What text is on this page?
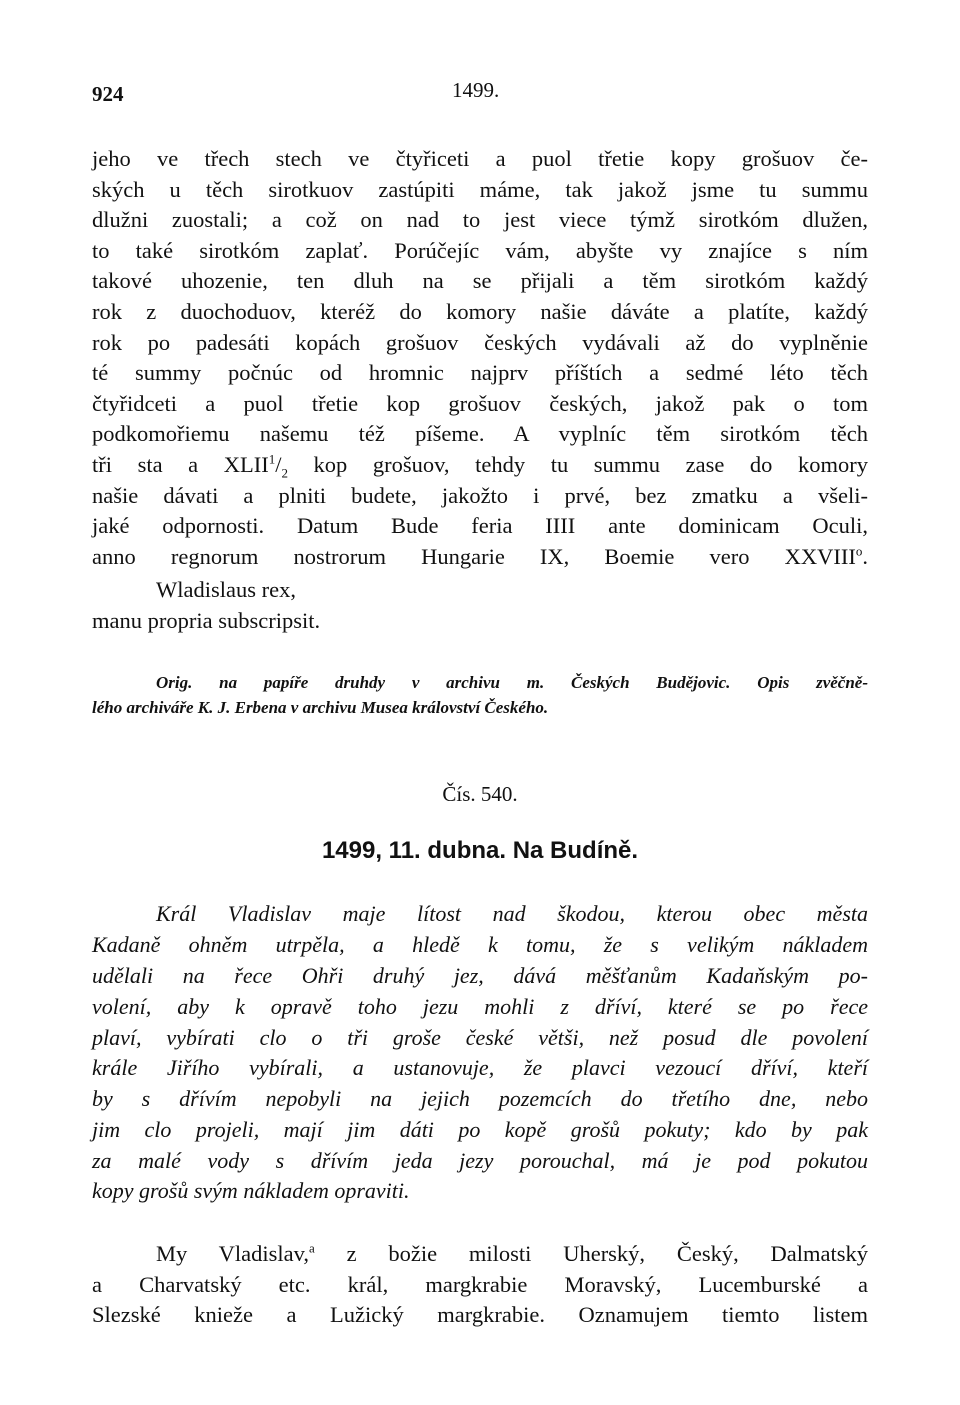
924	1499.
jeho ve třech stech ve čtyřiceti a puol třetie kopy grošuov če-
ských u těch sirotkuov zastúpiti máme, tak jakož jsme tu summu
dlužni zuostali; a což on nad to jest viece týmž sirotkóm dlužen,
to také sirotkóm zaplať. Porúčejíc vám, abyšte vy znajíce s ním
takové uhozenie, ten dluh na se přijali a těm sirotkóm každý
rok z duochoduov, kteréž do komory našie dáváte a platíte, každý
rok po padesáti kopách grošuov českých vydávali až do vyplněnie
té summy počnúc od hromnic najprv příštích a sedmé léto těch
čtyřidceti a puol třetie kop grošuov českých, jakož pak o tom
podkomořiemu našemu též píšeme. A vyplníc těm sirotkóm těch
tři sta a $XLII^1/_2$ kop grošuov, tehdy tu summu zase do komory
našie dávati a plniti budete, jakožto i prvé, bez zmatku a všeli-
jaké odpornosti. Datum Bude feria IIII ante dominicam Oculi,
anno regnorum nostrorum Hungarie IX, Boemie vero XXVIII$^o$.
Wladislaus rex,
manu propria subscripsit.
Orig. na papíře druhdy v archivu m. Českých Budějovic. Opis zvěčně-
lého archiváře K. J. Erbena v archivu Musea království Českého.
Čís. 540.
1499, 11. dubna. Na Budíně.
Král Vladislav maje lítost nad škodou, kterou obec města
Kadaně ohněm utrpěla, a hledě k tomu, že s velikým nákladem
udělali na řece Ohři druhý jez, dává měšťanům Kadaňským po-
volení, aby k opravě toho jezu mohli z dříví, které se po řece
plaví, vybírati clo o tři groše české větši, než posud dle povolení
krále Jiřího vybírali, a ustanovuje, že plavci vezoucí dříví, kteří
by s dřívím nepobyli na jejich pozemcích do třetího dne, nebo
jim clo projeli, mají jim dáti po kopě grošů pokuty; kdo by pak
za malé vody s dřívím jeda jezy porouchal, má je pod pokutou
kopy grošů svým nákladem opraviti.
My Vladislav,$^a$ z božie milosti Uherský, Český, Dalmatský
a Charvatský etc. král, margkrabie Moravský, Lucemburské a
Slezské knieže a Lužický margkrabie. Oznamujem tiemto listem
